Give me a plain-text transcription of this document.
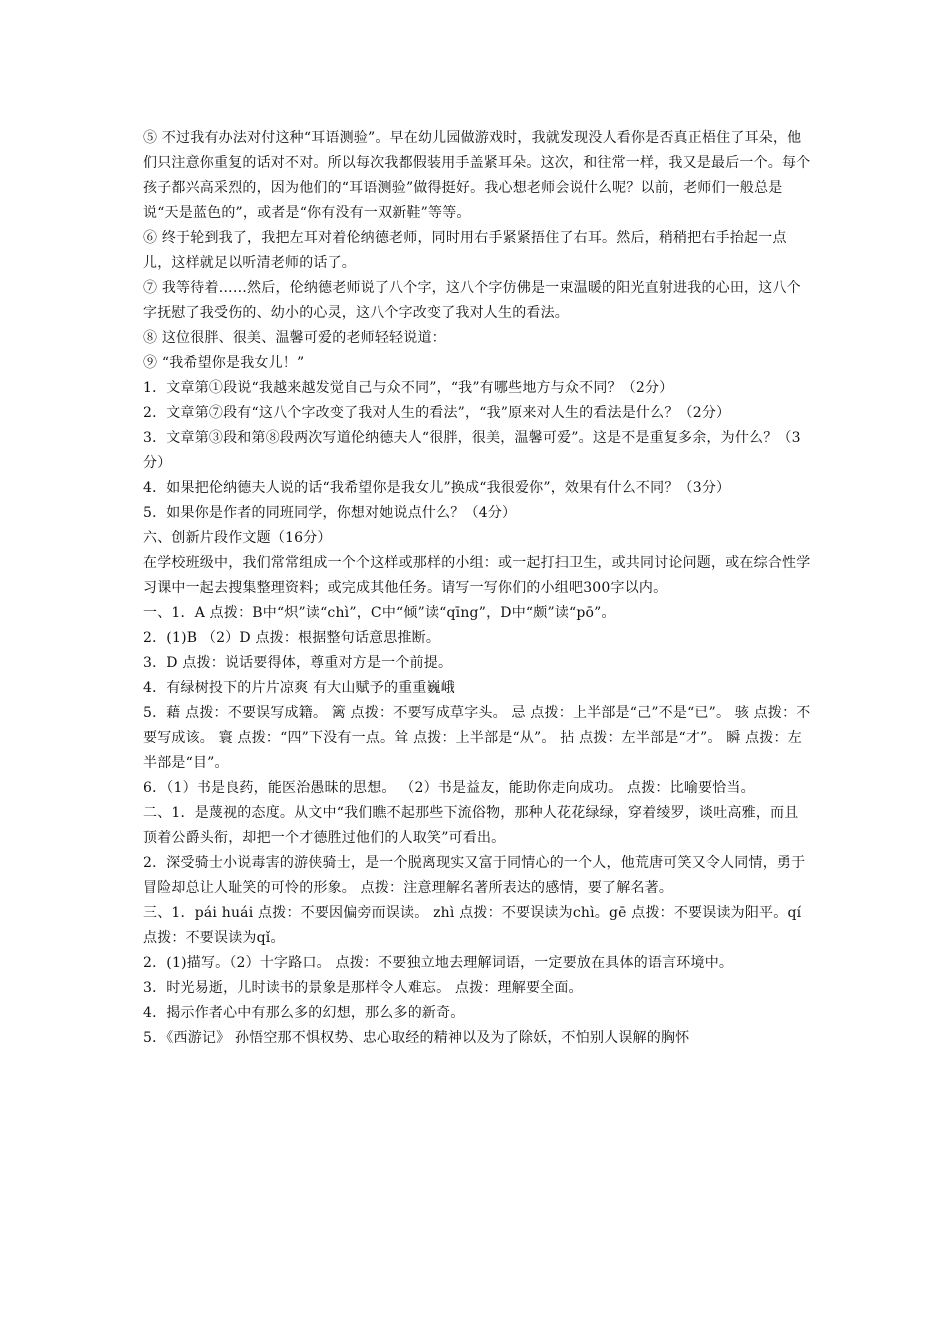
⑤ 不过我有办法对付这种“耳语测验”。早在幼儿园做游戏时，我就发现没人看你是否真正梧住了耳朵，他们只注意你重复的话对不对。所以每次我都假装用手盖紧耳朵。这次，和往常一样，我又是最后一个。每个孩子都兴高采烈的，因为他们的“耳语测验”做得挺好。我心想老师会说什么呢？以前，老师们一般总是说“天是蓝色的”，或者是“你有没有一双新鞋”等等。

⑥ 终于轮到我了，我把左耳对着伦纳德老师，同时用右手紧紧捂住了右耳。然后，稍稍把右手抬起一点儿，这样就足以听清老师的话了。

⑦ 我等待着……然后，伦纳德老师说了八个字，这八个字仿佛是一束温暖的阳光直射进我的心田，这八个字抚慰了我受伤的、幼小的心灵，这八个字改变了我对人生的看法。

⑧ 这位很胖、很美、温馨可爱的老师轻轻说道：

⑨ “我希望你是我女儿！”

1．文章第①段说“我越来越发觉自己与众不同”，“我”有哪些地方与众不同？（2分）

2．文章第⑦段有“这八个字改变了我对人生的看法”，“我”原来对人生的看法是什么？（2分）

3．文章第③段和第⑧段两次写道伦纳德夫人“很胖，很美，温馨可爱”。这是不是重复多余，为什么？（3分）

4．如果把伦纳德夫人说的话“我希望你是我女儿”换成“我很爱你”，效果有什么不同？（3分）

5．如果你是作者的同班同学，你想对她说点什么？（4分）

六、创新片段作文题（16分）

在学校班级中，我们常常组成一个个这样或那样的小组：或一起打扫卫生，或共同讨论问题，或在综合性学习课中一起去搜集整理资料；或完成其他任务。请写一写你们的小组吧300字以内。

一、1．A 点拨：B中“炽”读“chì”，C中“倾”读“qīng”，D中“颇”读“pō”。

2．(1)B （2）D 点拨：根据整句话意思推断。

3．D 点拨：说话要得体，尊重对方是一个前提。

4．有绿树投下的片片凉爽 有大山赋予的重重巍峨

5．藉 点拨：不要误写成籍。 篱 点拨：不要写成草字头。 忌 点拨：上半部是“己”不是“已”。 骇 点拨：不要写成该。 寰 点拨：“四”下没有一点。耸 点拨：上半部是“从”。 拈 点拨：左半部是“才”。 瞬 点拨：左半部是“目”。

6．（1）书是良药，能医治愚昧的思想。 （2）书是益友，能助你走向成功。 点拨：比喻要恰当。

二、1．是蔑视的态度。从文中“我们瞧不起那些下流俗物，那种人花花绿绿，穿着绫罗，谈吐高雅，而且顶着公爵头衔，却把一个才德胜过他们的人取笑”可看出。

2．深受骑士小说毒害的游侠骑士，是一个脱离现实又富于同情心的一个人，他荒唐可笑又令人同情，勇于冒险却总让人耻笑的可怜的形象。 点拨：注意理解名著所表达的感情，要了解名著。

三、1．pái huái 点拨：不要因偏旁而误读。 zhì 点拨：不要误读为chì。gē 点拨：不要误读为阳平。qí 点拨：不要误读为qǐ。

2．(1)描写。（2）十字路口。 点拨：不要独立地去理解词语，一定要放在具体的语言环境中。

3．时光易逝，儿时读书的景象是那样令人难忘。 点拨：理解要全面。

4．揭示作者心中有那么多的幻想，那么多的新奇。

5．《西游记》 孙悟空那不惧权势、忠心取经的精神以及为了除妖，不怕别人误解的胸怀
